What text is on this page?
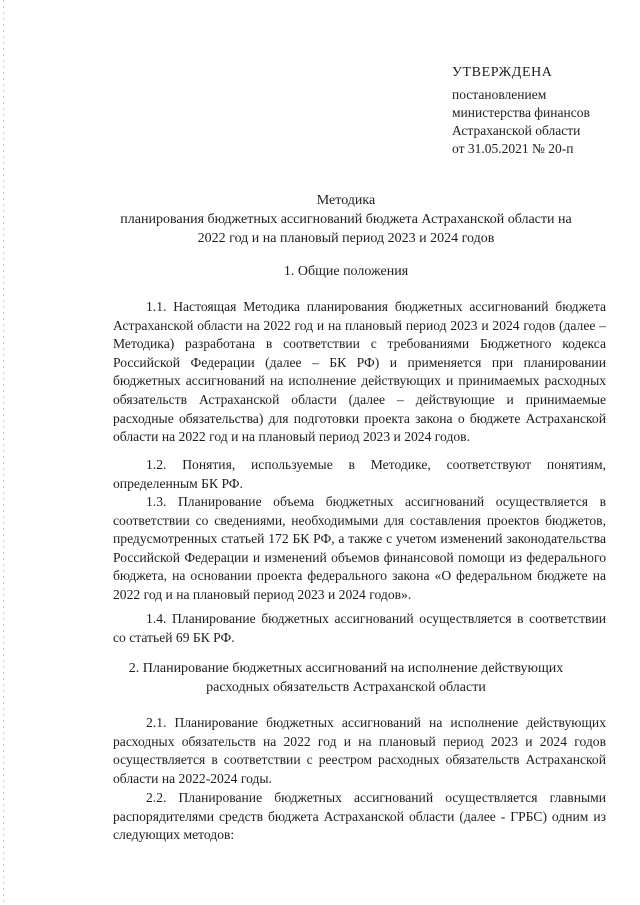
УТВЕРЖДЕНА
постановлением
министерства финансов
Астраханской области
от 31.05.2021 № 20-п
Методика
планирования бюджетных ассигнований бюджета Астраханской области на
2022 год и на плановый период 2023 и 2024 годов
1. Общие положения

1.1. Настоящая Методика планирования бюджетных ассигнований бюджета Астраханской области на 2022 год и на плановый период 2023 и 2024 годов (далее – Методика) разработана в соответствии с требованиями Бюджетного кодекса Российской Федерации (далее – БК РФ) и применяется при планировании бюджетных ассигнований на исполнение действующих и принимаемых расходных обязательств Астраханской области (далее – действующие и принимаемые расходные обязательства) для подготовки проекта закона о бюджете Астраханской области на 2022 год и на плановый период 2023 и 2024 годов.

1.2. Понятия, используемые в Методике, соответствуют понятиям, определенным БК РФ.

1.3. Планирование объема бюджетных ассигнований осуществляется в соответствии со сведениями, необходимыми для составления проектов бюджетов, предусмотренных статьей 172 БК РФ, а также с учетом изменений законодательства Российской Федерации и изменений объемов финансовой помощи из федерального бюджета, на основании проекта федерального закона «О федеральном бюджете на 2022 год и на плановый период 2023 и 2024 годов».

1.4. Планирование бюджетных ассигнований осуществляется в соответствии со статьей 69 БК РФ.

2. Планирование бюджетных ассигнований на исполнение действующих
расходных обязательств Астраханской области

2.1. Планирование бюджетных ассигнований на исполнение действующих расходных обязательств на 2022 год и на плановый период 2023 и 2024 годов осуществляется в соответствии с реестром расходных обязательств Астраханской области на 2022-2024 годы.

2.2. Планирование бюджетных ассигнований осуществляется главными распорядителями средств бюджета Астраханской области (далее - ГРБС) одним из следующих методов:
